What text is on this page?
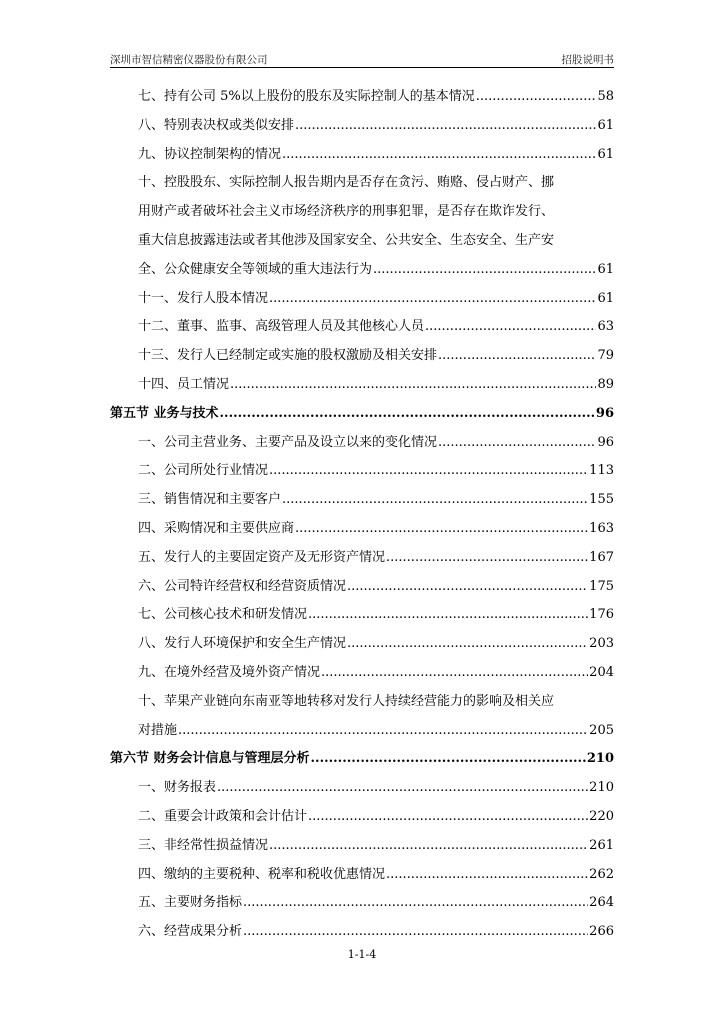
深圳市智信精密仪器股份有限公司	招股说明书
七、持有公司 5%以上股份的股东及实际控制人的基本情况 .....	58
八、特别表决权或类似安排 .....	61
九、协议控制架构的情况 .....	61
十、控股股东、实际控制人报告期内是否存在贪污、贿赂、侵占财产、挪
用财产或者破坏社会主义市场经济秩序的刑事犯罪，是否存在欺诈发行、
重大信息披露违法或者其他涉及国家安全、公共安全、生态安全、生产安
全、公众健康安全等领域的重大违法行为 .....	61
十一、发行人股本情况 .....	61
十二、董事、监事、高级管理人员及其他核心人员 .....	63
十三、发行人已经制定或实施的股权激励及相关安排 .....	79
十四、员工情况 .....	89
第五节 业务与技术 .....	96
一、公司主营业务、主要产品及设立以来的变化情况 .....	96
二、公司所处行业情况 .....	113
三、销售情况和主要客户 .....	155
四、采购情况和主要供应商 .....	163
五、发行人的主要固定资产及无形资产情况 .....	167
六、公司特许经营权和经营资质情况 .....	175
七、公司核心技术和研发情况 .....	176
八、发行人环境保护和安全生产情况 .....	203
九、在境外经营及境外资产情况 .....	204
十、苹果产业链向东南亚等地转移对发行人持续经营能力的影响及相关应
对措施 .....	205
第六节 财务会计信息与管理层分析 .....	210
一、财务报表 .....	210
二、重要会计政策和会计估计 .....	220
三、非经常性损益情况 .....	261
四、缴纳的主要税种、税率和税收优惠情况 .....	262
五、主要财务指标 .....	264
六、经营成果分析 .....	266
1-1-4
